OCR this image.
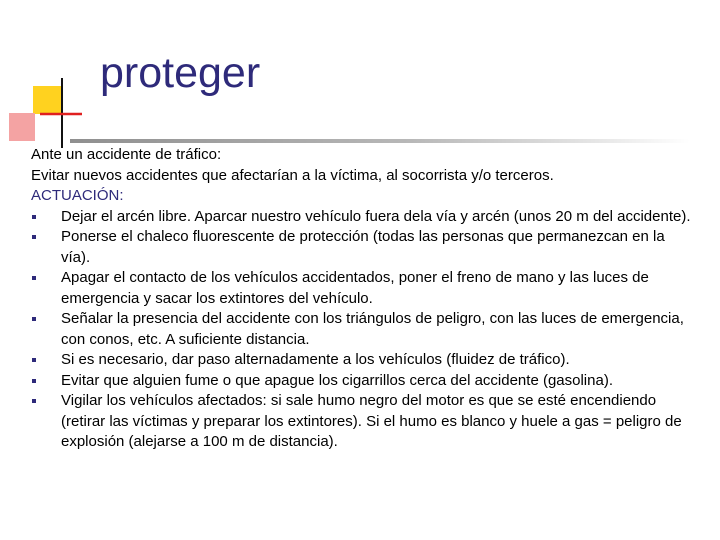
proteger

Ante un accidente de tráfico:

Evitar nuevos accidentes que afectarían a la víctima, al socorrista y/o terceros.

ACTUACIÓN:

Dejar el arcén libre. Aparcar nuestro vehículo fuera dela vía y arcén (unos 20 m del accidente).
Ponerse el chaleco fluorescente de protección (todas las personas que permanezcan en la vía).
Apagar el contacto de los vehículos accidentados, poner el freno de mano y las luces de emergencia y sacar los extintores del vehículo.
Señalar la presencia del accidente con los triángulos de peligro, con las luces de emergencia, con conos, etc. A suficiente distancia.
Si es necesario, dar paso alternadamente a los vehículos (fluidez de tráfico).
Evitar que alguien fume o que apague los cigarrillos cerca del accidente (gasolina).
Vigilar los vehículos afectados: si sale humo negro del motor es que se esté encendiendo (retirar las víctimas y preparar los extintores). Si el humo es blanco y huele a gas = peligro de explosión (alejarse a 100 m de distancia).
